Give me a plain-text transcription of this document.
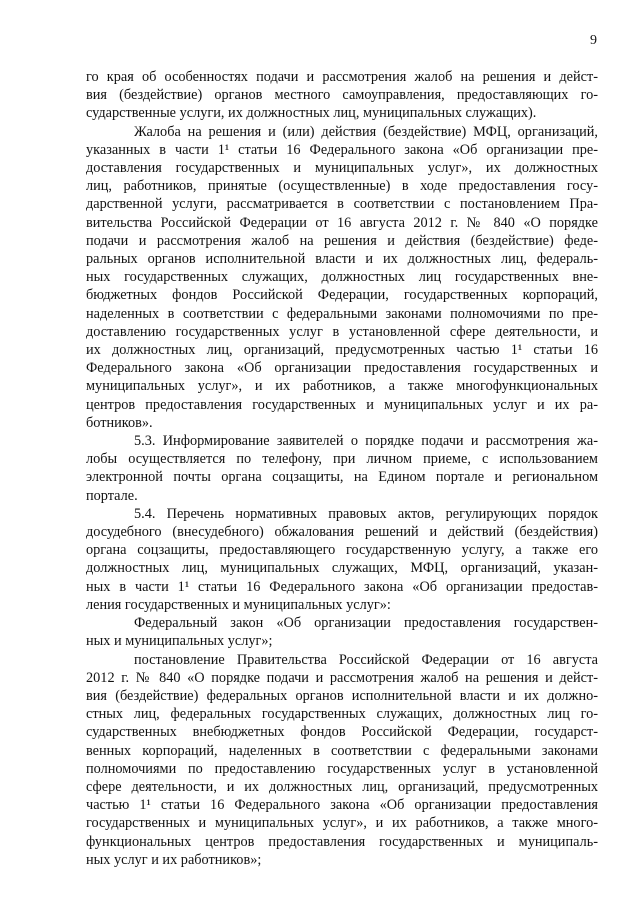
9
го края об особенностях подачи и рассмотрения жалоб на решения и дейст-
вия (бездействие) органов местного самоуправления, предоставляющих го-
сударственные услуги, их должностных лиц, муниципальных служащих).
Жалоба на решения и (или) действия (бездействие) МФЦ, организаций,
указанных в части 1¹ статьи 16 Федерального закона «Об организации пре-
доставления государственных и муниципальных услуг», их должностных
лиц, работников, принятые (осуществленные) в ходе предоставления госу-
дарственной услуги, рассматривается в соответствии с постановлением Пра-
вительства Российской Федерации от 16 августа 2012 г. № 840 «О порядке
подачи и рассмотрения жалоб на решения и действия (бездействие) феде-
ральных органов исполнительной власти и их должностных лиц, федераль-
ных государственных служащих, должностных лиц государственных вне-
бюджетных фондов Российской Федерации, государственных корпораций,
наделенных в соответствии с федеральными законами полномочиями по пре-
доставлению государственных услуг в установленной сфере деятельности, и
их должностных лиц, организаций, предусмотренных частью 1¹ статьи 16
Федерального закона «Об организации предоставления государственных и
муниципальных услуг», и их работников, а также многофункциональных
центров предоставления государственных и муниципальных услуг и их ра-
ботников».
5.3. Информирование заявителей о порядке подачи и рассмотрения жа-
лобы осуществляется по телефону, при личном приеме, с использованием
электронной почты органа соцзащиты, на Едином портале и региональном
портале.
5.4. Перечень нормативных правовых актов, регулирующих порядок
досудебного (внесудебного) обжалования решений и действий (бездействия)
органа соцзащиты, предоставляющего государственную услугу, а также его
должностных лиц, муниципальных служащих, МФЦ, организаций, указан-
ных в части 1¹ статьи 16 Федерального закона «Об организации предостав-
ления государственных и муниципальных услуг»:
Федеральный закон «Об организации предоставления государствен-
ных и муниципальных услуг»;
постановление Правительства Российской Федерации от 16 августа
2012 г. № 840 «О порядке подачи и рассмотрения жалоб на решения и дейст-
вия (бездействие) федеральных органов исполнительной власти и их должно-
стных лиц, федеральных государственных служащих, должностных лиц го-
сударственных внебюджетных фондов Российской Федерации, государст-
венных корпораций, наделенных в соответствии с федеральными законами
полномочиями по предоставлению государственных услуг в установленной
сфере деятельности, и их должностных лиц, организаций, предусмотренных
частью 1¹ статьи 16 Федерального закона «Об организации предоставления
государственных и муниципальных услуг», и их работников, а также много-
функциональных центров предоставления государственных и муниципаль-
ных услуг и их работников»;
